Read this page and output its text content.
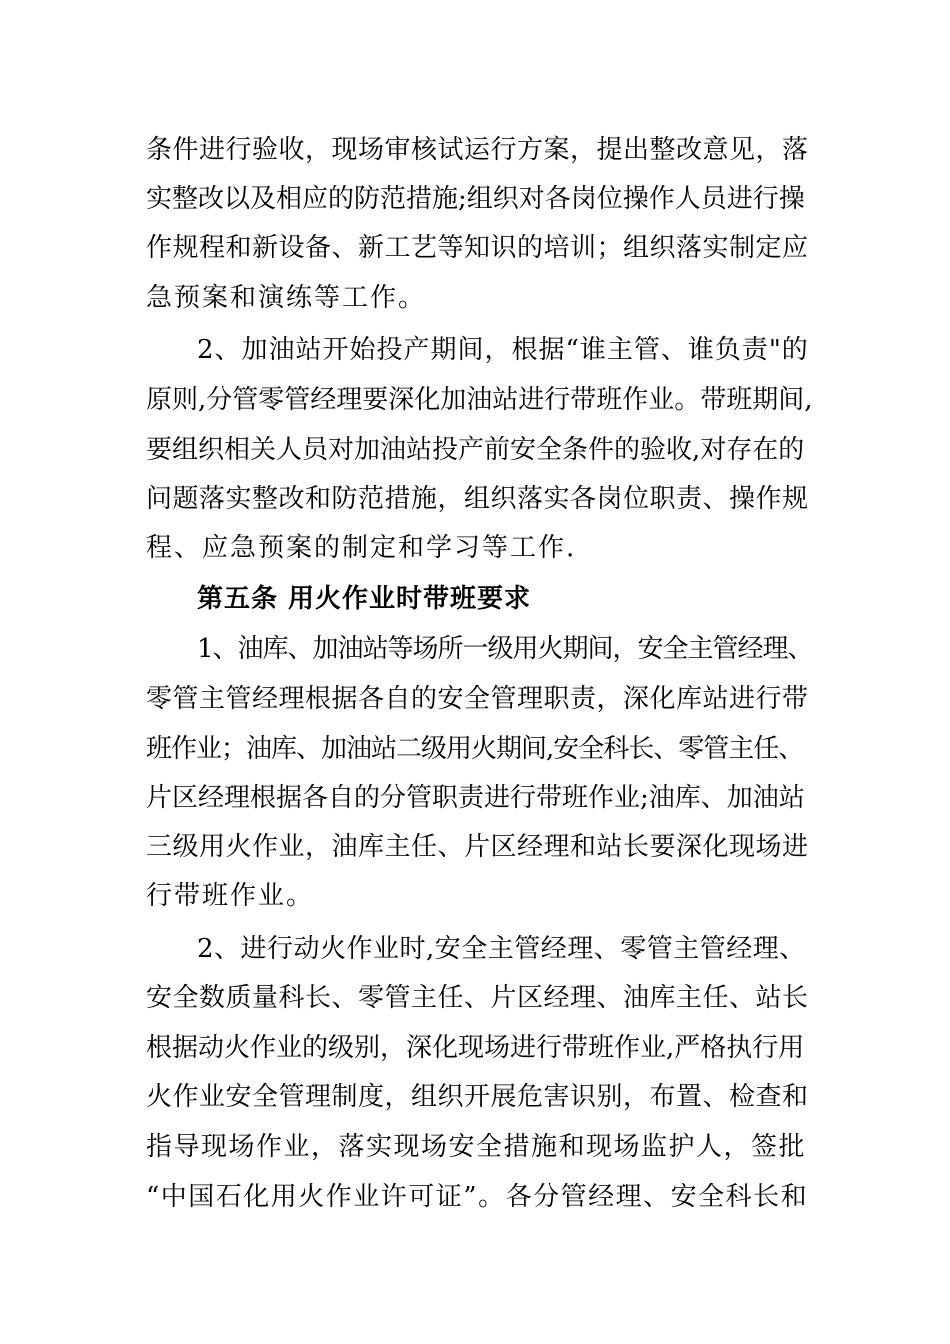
条件进行验收，现场审核试运行方案，提出整改意见，落
实整改以及相应的防范措施;组织对各岗位操作人员进行操
作规程和新设备、新工艺等知识的培训；组织落实制定应
急预案和演练等工作。
2、加油站开始投产期间，根据“谁主管、谁负责"的
原则,分管零管经理要深化加油站进行带班作业。带班期间,
要组织相关人员对加油站投产前安全条件的验收,对存在的
问题落实整改和防范措施，组织落实各岗位职责、操作规
程、应急预案的制定和学习等工作.
第五条 用火作业时带班要求
1、油库、加油站等场所一级用火期间，安全主管经理、
零管主管经理根据各自的安全管理职责，深化库站进行带
班作业；油库、加油站二级用火期间,安全科长、零管主任、
片区经理根据各自的分管职责进行带班作业;油库、加油站
三级用火作业，油库主任、片区经理和站长要深化现场进
行带班作业。
2、进行动火作业时,安全主管经理、零管主管经理、
安全数质量科长、零管主任、片区经理、油库主任、站长
根据动火作业的级别，深化现场进行带班作业,严格执行用
火作业安全管理制度，组织开展危害识别，布置、检查和
指导现场作业，落实现场安全措施和现场监护人，签批
“中国石化用火作业许可证”。各分管经理、安全科长和
